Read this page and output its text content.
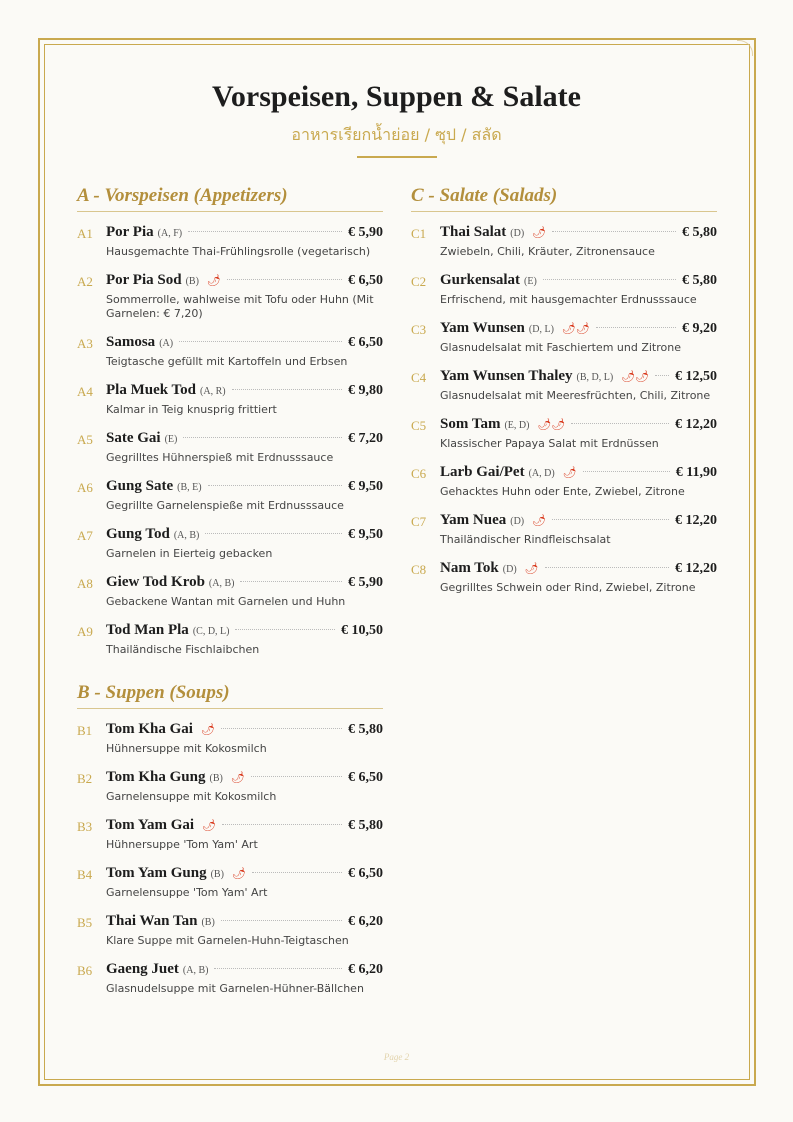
Vorspeisen, Suppen & Salate
อาหารเรียกน้ำย่อย / ซุป / สลัด
A - Vorspeisen (Appetizers)
A1 Por Pia (A, F)	€ 5,90
Hausgemachte Thai-Frühlingsrolle (vegetarisch)
A2 Por Pia Sod (B) 🌶	€ 6,50
Sommerrolle, wahlweise mit Tofu oder Huhn (Mit Garnelen: € 7,20)
A3 Samosa (A)	€ 6,50
Teigtasche gefüllt mit Kartoffeln und Erbsen
A4 Pla Muek Tod (A, R)	€ 9,80
Kalmar in Teig knusprig frittiert
A5 Sate Gai (E)	€ 7,20
Gegrilltes Hühnerspieß mit Erdnusssauce
A6 Gung Sate (B, E)	€ 9,50
Gegrillte Garnelenspieße mit Erdnusssauce
A7 Gung Tod (A, B)	€ 9,50
Garnelen in Eierteig gebacken
A8 Giew Tod Krob (A, B)	€ 5,90
Gebackene Wantan mit Garnelen und Huhn
A9 Tod Man Pla (C, D, L)	€ 10,50
Thailändische Fischlaibchen
B - Suppen (Soups)
B1 Tom Kha Gai 🌶	€ 5,80
Hühnersuppe mit Kokosmilch
B2 Tom Kha Gung (B) 🌶	€ 6,50
Garnelensuppe mit Kokosmilch
B3 Tom Yam Gai 🌶	€ 5,80
Hühnersuppe 'Tom Yam' Art
B4 Tom Yam Gung (B) 🌶	€ 6,50
Garnelensuppe 'Tom Yam' Art
B5 Thai Wan Tan (B)	€ 6,20
Klare Suppe mit Garnelen-Huhn-Teigtaschen
B6 Gaeng Juet (A, B)	€ 6,20
Glasnudelsuppe mit Garnelen-Hühner-Bällchen
C - Salate (Salads)
C1 Thai Salat (D) 🌶	€ 5,80
Zwiebeln, Chili, Kräuter, Zitronensauce
C2 Gurkensalat (E)	€ 5,80
Erfrischend, mit hausgemachter Erdnusssauce
C3 Yam Wunsen (D, L) 🌶🌶	€ 9,20
Glasnudelsalat mit Faschiertem und Zitrone
C4 Yam Wunsen Thaley (B, D, L) 🌶🌶 € 12,50
Glasnudelsalat mit Meeresfrüchten, Chili, Zitrone
C5 Som Tam (E, D) 🌶🌶	€ 12,20
Klassischer Papaya Salat mit Erdnüssen
C6 Larb Gai/Pet (A, D) 🌶	€ 11,90
Gehacktes Huhn oder Ente, Zwiebel, Zitrone
C7 Yam Nuea (D) 🌶	€ 12,20
Thailändischer Rindfleischsalat
C8 Nam Tok (D) 🌶	€ 12,20
Gegrilltes Schwein oder Rind, Zwiebel, Zitrone
Page 2
